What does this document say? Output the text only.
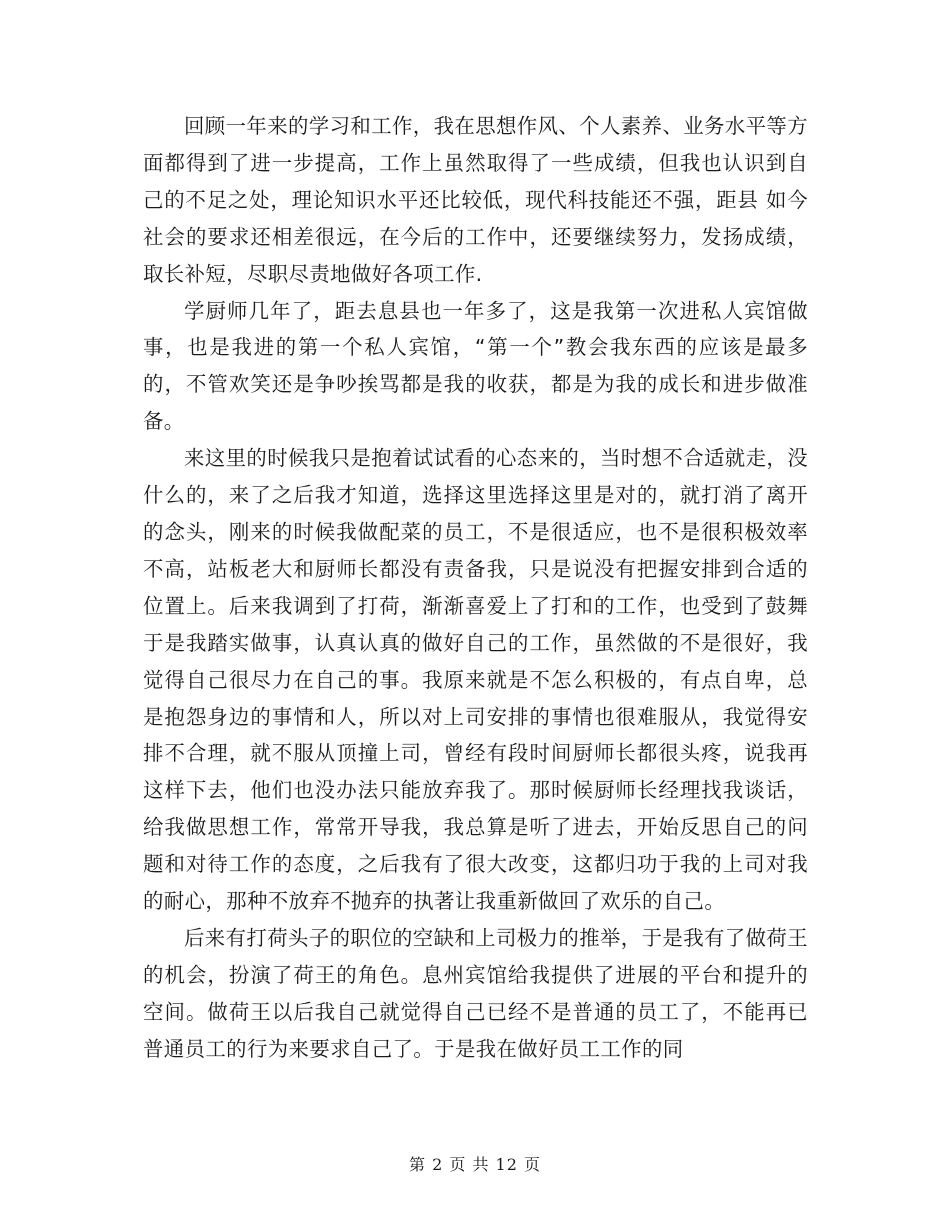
回顾一年来的学习和工作，我在思想作风、个人素养、业务水平等方面都得到了进一步提高，工作上虽然取得了一些成绩，但我也认识到自己的不足之处，理论知识水平还比较低，现代科技能还不强，距县 如今社会的要求还相差很远，在今后的工作中，还要继续努力，发扬成绩，取长补短，尽职尽责地做好各项工作.

学厨师几年了，距去息县也一年多了，这是我第一次进私人宾馆做事，也是我进的第一个私人宾馆，“第一个”教会我东西的应该是最多的，不管欢笑还是争吵挨骂都是我的收获，都是为我的成长和进步做准备。

来这里的时候我只是抱着试试看的心态来的，当时想不合适就走，没什么的，来了之后我才知道，选择这里选择这里是对的，就打消了离开的念头，刚来的时候我做配菜的员工，不是很适应，也不是很积极效率不高，站板老大和厨师长都没有责备我，只是说没有把握安排到合适的位置上。后来我调到了打荷，渐渐喜爱上了打和的工作，也受到了鼓舞于是我踏实做事，认真认真的做好自己的工作，虽然做的不是很好，我觉得自己很尽力在自己的事。我原来就是不怎么积极的，有点自卑，总是抱怨身边的事情和人，所以对上司安排的事情也很难服从，我觉得安排不合理，就不服从顶撞上司，曾经有段时间厨师长都很头疼，说我再这样下去，他们也没办法只能放弃我了。那时候厨师长经理找我谈话，给我做思想工作，常常开导我，我总算是听了进去，开始反思自己的问题和对待工作的态度，之后我有了很大改变，这都归功于我的上司对我的耐心，那种不放弃不抛弃的执著让我重新做回了欢乐的自己。

后来有打荷头子的职位的空缺和上司极力的推举，于是我有了做荷王的机会，扮演了荷王的角色。息州宾馆给我提供了进展的平台和提升的空间。做荷王以后我自己就觉得自己已经不是普通的员工了，不能再已普通员工的行为来要求自己了。于是我在做好员工工作的同

第 2 页 共 12 页
